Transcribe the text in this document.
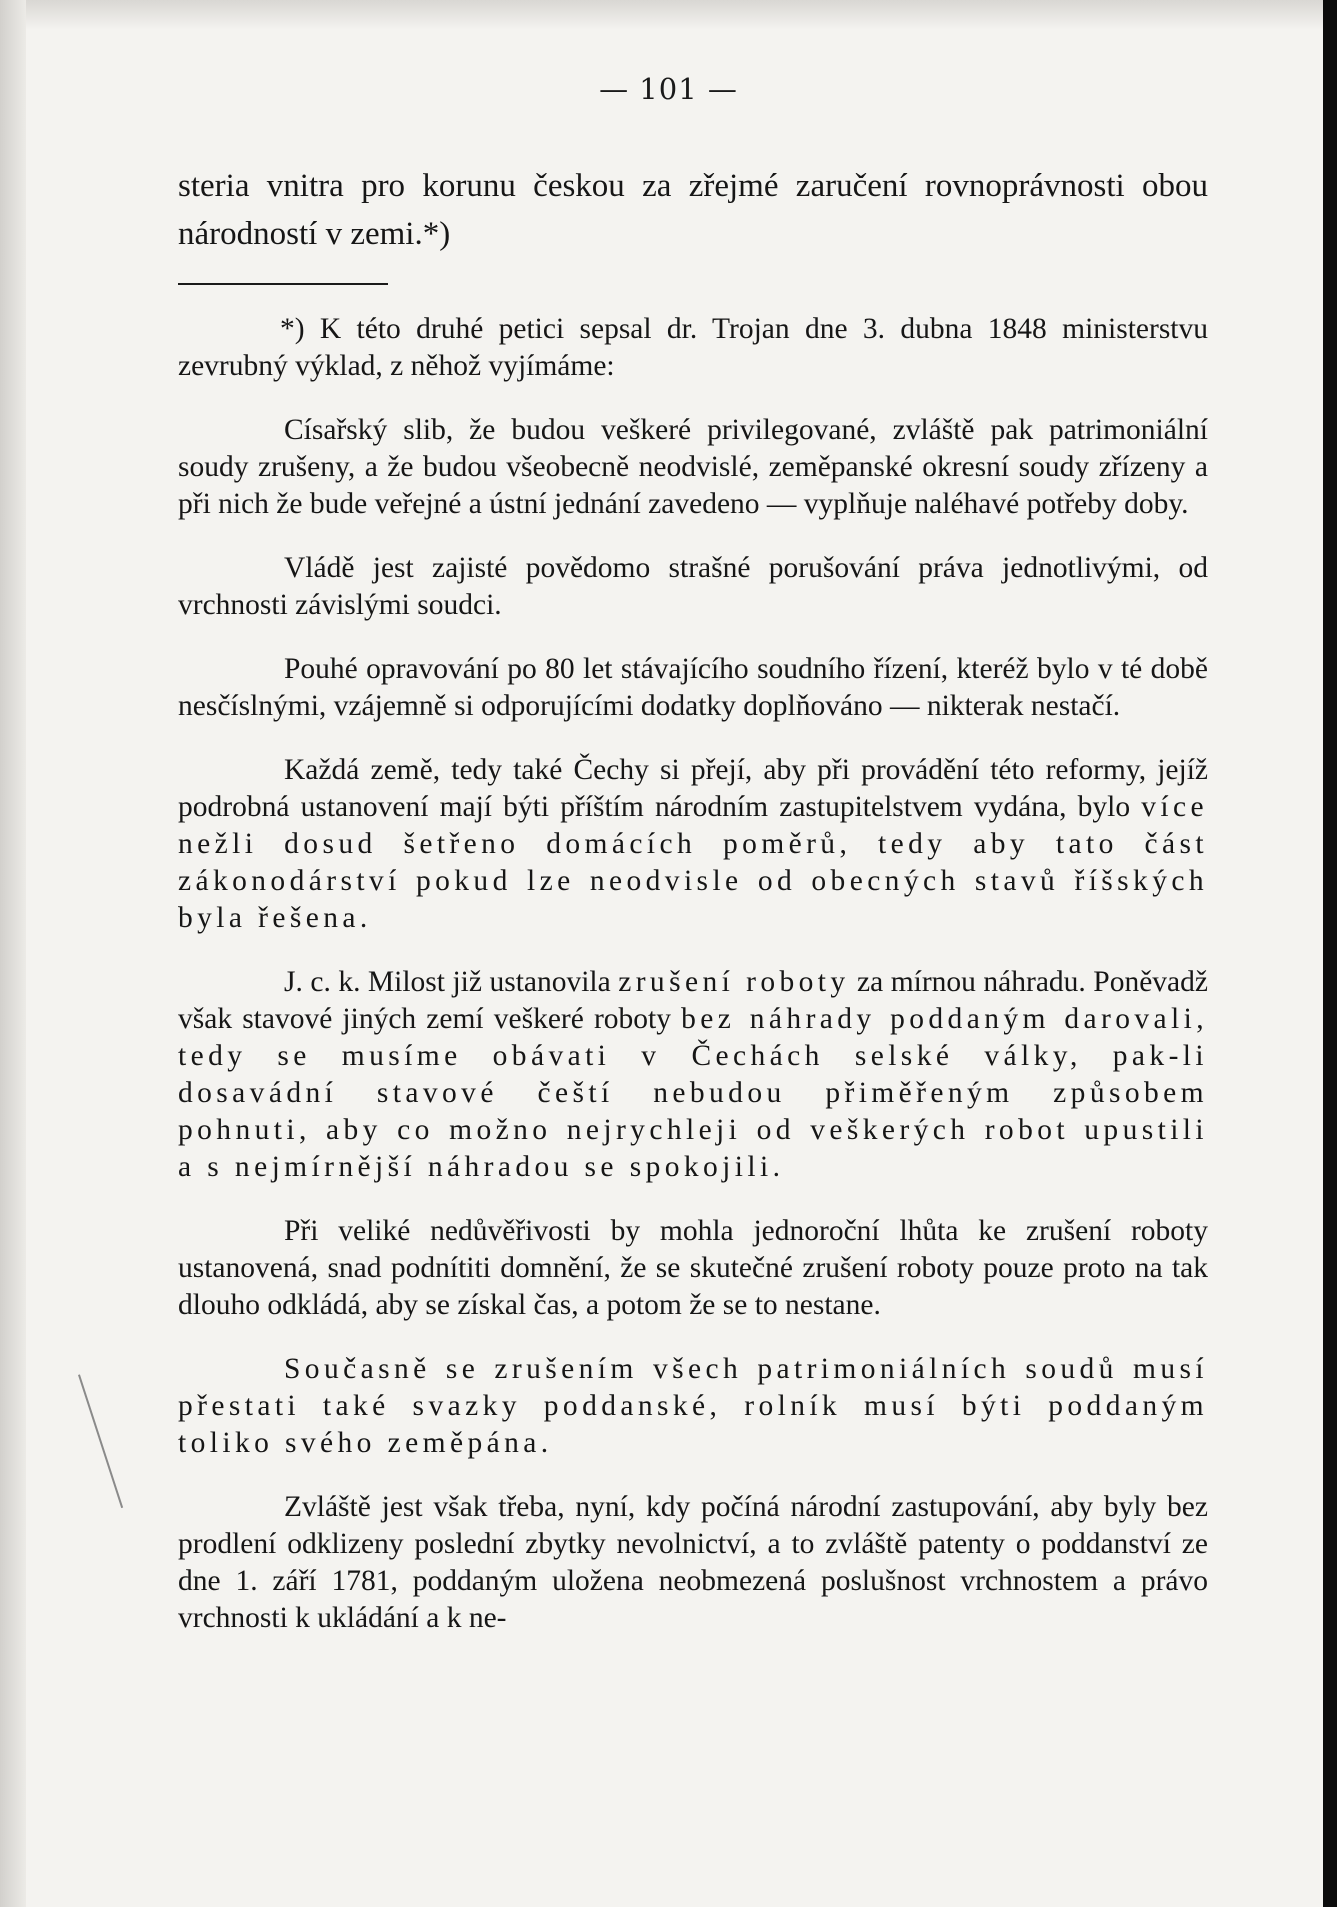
— 101 —
steria vnitra pro korunu českou za zřejmé zaručení rovnoprávnosti obou národností v zemi.*)

*) K této druhé petici sepsal dr. Trojan dne 3. dubna 1848 ministerstvu zevrubný výklad, z něhož vyjímáme:

Císařský slib, že budou veškeré privilegované, zvláště pak patrimoniální soudy zrušeny, a že budou všeobecně neodvislé, zeměpanské okresní soudy zřízeny a při nich že bude veřejné a ústní jednání zavedeno — vyplňuje naléhavé potřeby doby.

Vládě jest zajisté povědomo strašné porušování práva jednotlivými, od vrchnosti závislými soudci.

Pouhé opravování po 80 let stávajícího soudního řízení, kteréž bylo v té době nesčíslnými, vzájemně si odporujícími dodatky doplňováno — nikterak nestačí.

Každá země, tedy také Čechy si přejí, aby při provádění této reformy, jejíž podrobná ustanovení mají býti příštím národním zastupitelstvem vydána, bylo více nežli dosud šetřeno domácích poměrů, tedy aby tato část zákonodárství pokud lze neodvisle od obecných stavů říšských byla řešena.

J. c. k. Milost již ustanovila zrušení roboty za mírnou náhradu. Poněvadž však stavové jiných zemí veškeré roboty bez náhrady poddaným darovali, tedy se musíme obávati v Čechách selské války, pak-li dosavádní stavové čeští nebudou přiměřeným způsobem pohnuti, aby co možno nejrychleji od veškerých robot upustili a s nejmírnější náhradou se spokojili.

Při veliké nedůvěřivosti by mohla jednoroční lhůta ke zrušení roboty ustanovená, snad podnítiti domnění, že se skutečné zrušení roboty pouze proto na tak dlouho odkládá, aby se získal čas, a potom že se to nestane.

Současně se zrušením všech patrimoniálních soudů musí přestati také svazky poddanské, rolník musí býti poddaným toliko svého zeměpána.

Zvláště jest však třeba, nyní, kdy počíná národní zastupování, aby byly bez prodlení odklizeny poslední zbytky nevolnictví, a to zvláště patenty o poddanství ze dne 1. září 1781, poddaným uložena neobmezená poslušnost vrchnostem a právo vrchnosti k ukládání a k ne-
